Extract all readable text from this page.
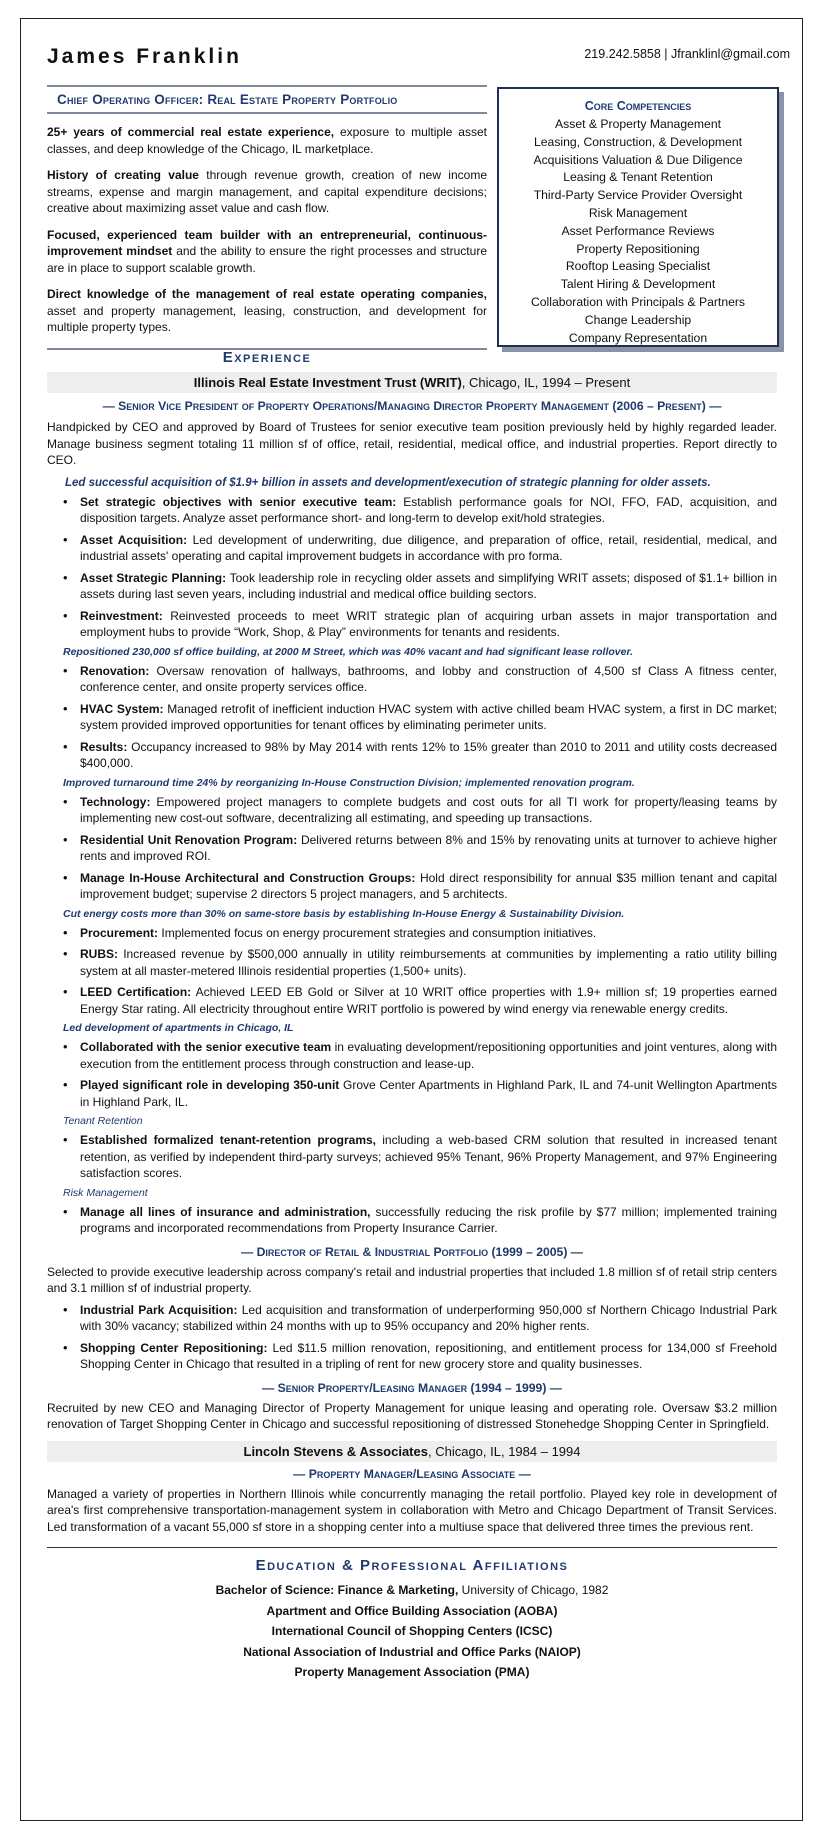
James Franklin	219.242.5858 | Jfranklinl@gmail.com
Chief Operating Officer: Real Estate Property Portfolio

25+ years of commercial real estate experience, exposure to multiple asset classes, and deep knowledge of the Chicago, IL marketplace.

History of creating value through revenue growth, creation of new income streams, expense and margin management, and capital expenditure decisions; creative about maximizing asset value and cash flow.

Focused, experienced team builder with an entrepreneurial, continuous-improvement mindset and the ability to ensure the right processes and structure are in place to support scalable growth.

Direct knowledge of the management of real estate operating companies, asset and property management, leasing, construction, and development for multiple property types.

Core Competencies
Asset & Property Management
Leasing, Construction, & Development
Acquisitions Valuation & Due Diligence
Leasing & Tenant Retention
Third-Party Service Provider Oversight
Risk Management
Asset Performance Reviews
Property Repositioning
Rooftop Leasing Specialist
Talent Hiring & Development
Collaboration with Principals & Partners
Change Leadership
Company Representation
Experience
Illinois Real Estate Investment Trust (WRIT), Chicago, IL, 1994 – Present
— Senior Vice President of Property Operations/Managing Director Property Management (2006 – Present) —
Handpicked by CEO and approved by Board of Trustees for senior executive team position previously held by highly regarded leader. Manage business segment totaling 11 million sf of office, retail, residential, medical office, and industrial properties. Report directly to CEO.
Led successful acquisition of $1.9+ billion in assets and development/execution of strategic planning for older assets.
• Set strategic objectives with senior executive team: Establish performance goals for NOI, FFO, FAD, acquisition, and disposition targets. Analyze asset performance short- and long-term to develop exit/hold strategies.
• Asset Acquisition: Led development of underwriting, due diligence, and preparation of office, retail, residential, medical, and industrial assets' operating and capital improvement budgets in accordance with pro forma.
• Asset Strategic Planning: Took leadership role in recycling older assets and simplifying WRIT assets; disposed of $1.1+ billion in assets during last seven years, including industrial and medical office building sectors.
• Reinvestment: Reinvested proceeds to meet WRIT strategic plan of acquiring urban assets in major transportation and employment hubs to provide “Work, Shop, & Play” environments for tenants and residents.
Repositioned 230,000 sf office building, at 2000 M Street, which was 40% vacant and had significant lease rollover.
• Renovation: Oversaw renovation of hallways, bathrooms, and lobby and construction of 4,500 sf Class A fitness center, conference center, and onsite property services office.
• HVAC System: Managed retrofit of inefficient induction HVAC system with active chilled beam HVAC system, a first in DC market; system provided improved opportunities for tenant offices by eliminating perimeter units.
• Results: Occupancy increased to 98% by May 2014 with rents 12% to 15% greater than 2010 to 2011 and utility costs decreased $400,000.
Improved turnaround time 24% by reorganizing In-House Construction Division; implemented renovation program.
• Technology: Empowered project managers to complete budgets and cost outs for all TI work for property/leasing teams by implementing new cost-out software, decentralizing all estimating, and speeding up transactions.
• Residential Unit Renovation Program: Delivered returns between 8% and 15% by renovating units at turnover to achieve higher rents and improved ROI.
• Manage In-House Architectural and Construction Groups: Hold direct responsibility for annual $35 million tenant and capital improvement budget; supervise 2 directors 5 project managers, and 5 architects.
Cut energy costs more than 30% on same-store basis by establishing In-House Energy & Sustainability Division.
• Procurement: Implemented focus on energy procurement strategies and consumption initiatives.
• RUBS: Increased revenue by $500,000 annually in utility reimbursements at communities by implementing a ratio utility billing system at all master-metered Illinois residential properties (1,500+ units).
• LEED Certification: Achieved LEED EB Gold or Silver at 10 WRIT office properties with 1.9+ million sf; 19 properties earned Energy Star rating. All electricity throughout entire WRIT portfolio is powered by wind energy via renewable energy credits.
Led development of apartments in Chicago, IL
• Collaborated with the senior executive team in evaluating development/repositioning opportunities and joint ventures, along with execution from the entitlement process through construction and lease-up.
• Played significant role in developing 350-unit Grove Center Apartments in Highland Park, IL and 74-unit Wellington Apartments in Highland Park, IL.
Tenant Retention
• Established formalized tenant-retention programs, including a web-based CRM solution that resulted in increased tenant retention, as verified by independent third-party surveys; achieved 95% Tenant, 96% Property Management, and 97% Engineering satisfaction scores.
Risk Management
• Manage all lines of insurance and administration, successfully reducing the risk profile by $77 million; implemented training programs and incorporated recommendations from Property Insurance Carrier.
— Director of Retail & Industrial Portfolio (1999 – 2005) —
Selected to provide executive leadership across company's retail and industrial properties that included 1.8 million sf of retail strip centers and 3.1 million sf of industrial property.
• Industrial Park Acquisition: Led acquisition and transformation of underperforming 950,000 sf Northern Chicago Industrial Park with 30% vacancy; stabilized within 24 months with up to 95% occupancy and 20% higher rents.
• Shopping Center Repositioning: Led $11.5 million renovation, repositioning, and entitlement process for 134,000 sf Freehold Shopping Center in Chicago that resulted in a tripling of rent for new grocery store and quality businesses.
— Senior Property/Leasing Manager (1994 – 1999) —
Recruited by new CEO and Managing Director of Property Management for unique leasing and operating role. Oversaw $3.2 million renovation of Target Shopping Center in Chicago and successful repositioning of distressed Stonehedge Shopping Center in Springfield.
Lincoln Stevens & Associates, Chicago, IL, 1984 – 1994
— Property Manager/Leasing Associate —
Managed a variety of properties in Northern Illinois while concurrently managing the retail portfolio. Played key role in development of area's first comprehensive transportation-management system in collaboration with Metro and Chicago Department of Transit Services. Led transformation of a vacant 55,000 sf store in a shopping center into a multiuse space that delivered three times the previous rent.
Education & Professional Affiliations
Bachelor of Science: Finance & Marketing, University of Chicago, 1982
Apartment and Office Building Association (AOBA)
International Council of Shopping Centers (ICSC)
National Association of Industrial and Office Parks (NAIOP)
Property Management Association (PMA)
